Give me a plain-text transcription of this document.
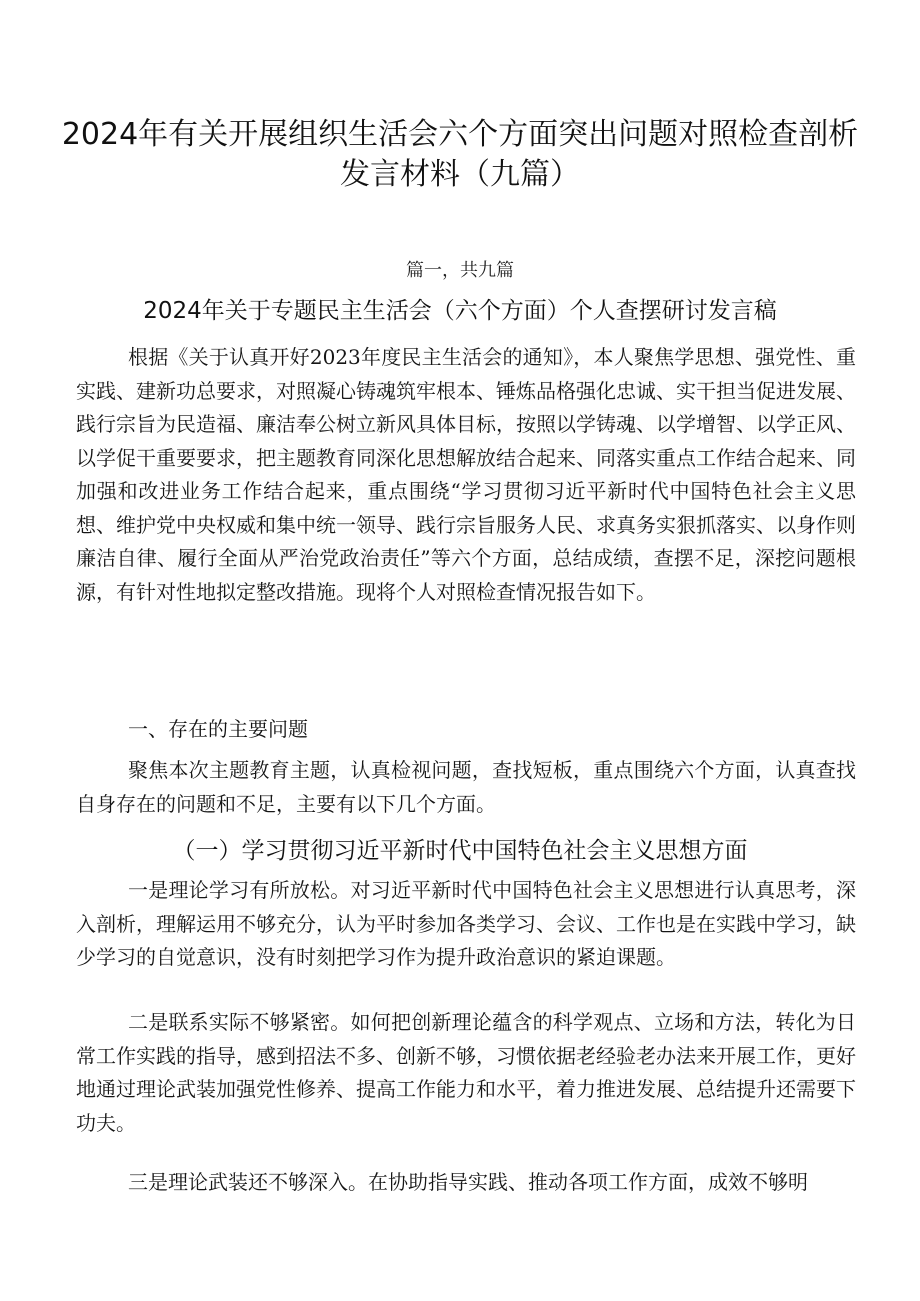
2024年有关开展组织生活会六个方面突出问题对照检查剖析
发言材料（九篇）
篇一，共九篇
2024年关于专题民主生活会（六个方面）个人查摆研讨发言稿

根据《关于认真开好2023年度民主生活会的通知》，本人聚焦学思想、强党性、重实践、建新功总要求，对照凝心铸魂筑牢根本、锤炼品格强化忠诚、实干担当促进发展、践行宗旨为民造福、廉洁奉公树立新风具体目标，按照以学铸魂、以学增智、以学正风、以学促干重要要求，把主题教育同深化思想解放结合起来、同落实重点工作结合起来、同加强和改进业务工作结合起来，重点围绕“学习贯彻习近平新时代中国特色社会主义思想、维护党中央权威和集中统一领导、践行宗旨服务人民、求真务实狠抓落实、以身作则廉洁自律、履行全面从严治党政治责任”等六个方面，总结成绩，查摆不足，深挖问题根源，有针对性地拟定整改措施。现将个人对照检查情况报告如下。

一、存在的主要问题

聚焦本次主题教育主题，认真检视问题，查找短板，重点围绕六个方面，认真查找自身存在的问题和不足，主要有以下几个方面。

（一）学习贯彻习近平新时代中国特色社会主义思想方面

一是理论学习有所放松。对习近平新时代中国特色社会主义思想进行认真思考，深入剖析，理解运用不够充分，认为平时参加各类学习、会议、工作也是在实践中学习，缺少学习的自觉意识，没有时刻把学习作为提升政治意识的紧迫课题。

二是联系实际不够紧密。如何把创新理论蕴含的科学观点、立场和方法，转化为日常工作实践的指导，感到招法不多、创新不够，习惯依据老经验老办法来开展工作，更好地通过理论武装加强党性修养、提高工作能力和水平，着力推进发展、总结提升还需要下功夫。

三是理论武装还不够深入。在协助指导实践、推动各项工作方面，成效不够明
